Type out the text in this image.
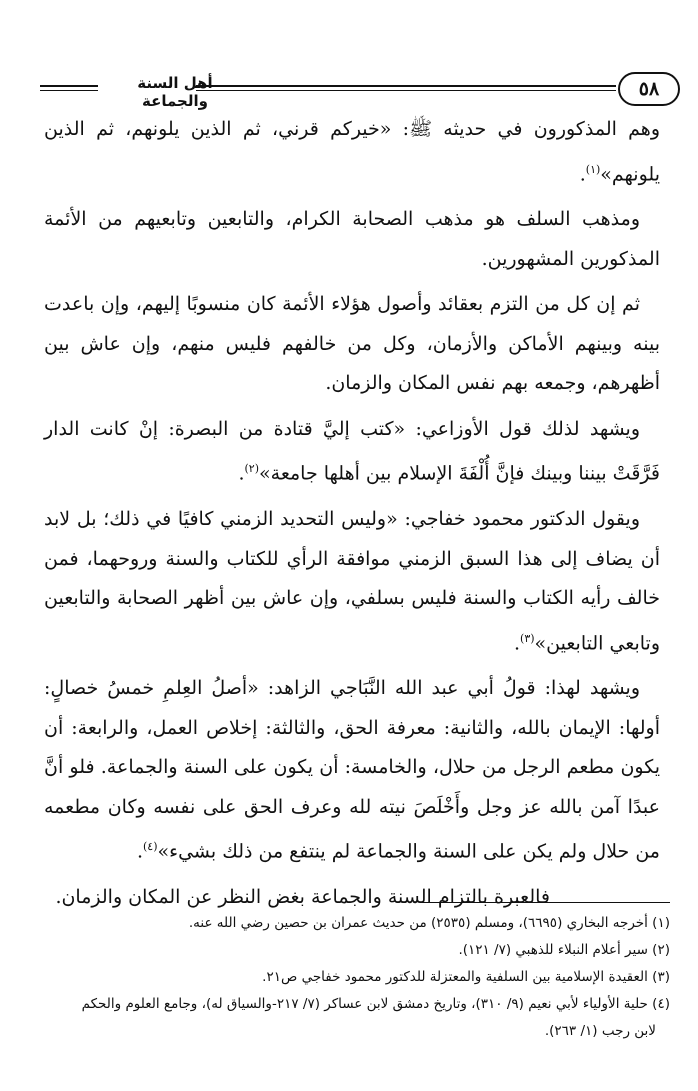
٥٨
أهل السنة والجماعة

وهم المذكورون في حديثه ﷺ: «خيركم قرني، ثم الذين يلونهم، ثم الذين يلونهم»$^{(١)}$.

ومذهب السلف هو مذهب الصحابة الكرام، والتابعين وتابعيهم من الأئمة المذكورين المشهورين.

ثم إن كل من التزم بعقائد وأصول هؤلاء الأئمة كان منسوبًا إليهم، وإن باعدت بينه وبينهم الأماكن والأزمان، وكل من خالفهم فليس منهم، وإن عاش بين أظهرهم، وجمعه بهم نفس المكان والزمان.

ويشهد لذلك قول الأوزاعي: «كتب إليَّ قتادة من البصرة: إنْ كانت الدار فَرَّقَتْ بيننا وبينك فإنَّ أُلْفَةَ الإسلام بين أهلها جامعة»$^{(٢)}$.

ويقول الدكتور محمود خفاجي: «وليس التحديد الزمني كافيًا في ذلك؛ بل لابد أن يضاف إلى هذا السبق الزمني موافقة الرأي للكتاب والسنة وروحهما، فمن خالف رأيه الكتاب والسنة فليس بسلفي، وإن عاش بين أظهر الصحابة والتابعين وتابعي التابعين»$^{(٣)}$.

ويشهد لهذا: قولُ أبي عبد الله النَّبَاجي الزاهد: «أصلُ العِلمِ خمسُ خصالٍ: أولها: الإيمان بالله، والثانية: معرفة الحق، والثالثة: إخلاص العمل، والرابعة: أن يكون مطعم الرجل من حلال، والخامسة: أن يكون على السنة والجماعة. فلو أنَّ عبدًا آمن بالله عز وجل وأَخْلَصَ نيته لله وعرف الحق على نفسه وكان مطعمه من حلال ولم يكن على السنة والجماعة لم ينتفع من ذلك بشيء»$^{(٤)}$.

فالعبرة بالتزام السنة والجماعة بغض النظر عن المكان والزمان.

(١) أخرجه البخاري (٦٦٩٥)، ومسلم (٢٥٣٥) من حديث عمران بن حصين رضي الله عنه.

(٢) سير أعلام النبلاء للذهبي (٧/ ١٢١).

(٣) العقيدة الإسلامية بين السلفية والمعتزلة للدكتور محمود خفاجي ص٢١.

(٤) حلية الأولياء لأبي نعيم (٩/ ٣١٠)، وتاريخ دمشق لابن عساكر (٧/ ٢١٧-والسياق له)، وجامع العلوم والحكم

لابن رجب (١/ ٢٦٣).
